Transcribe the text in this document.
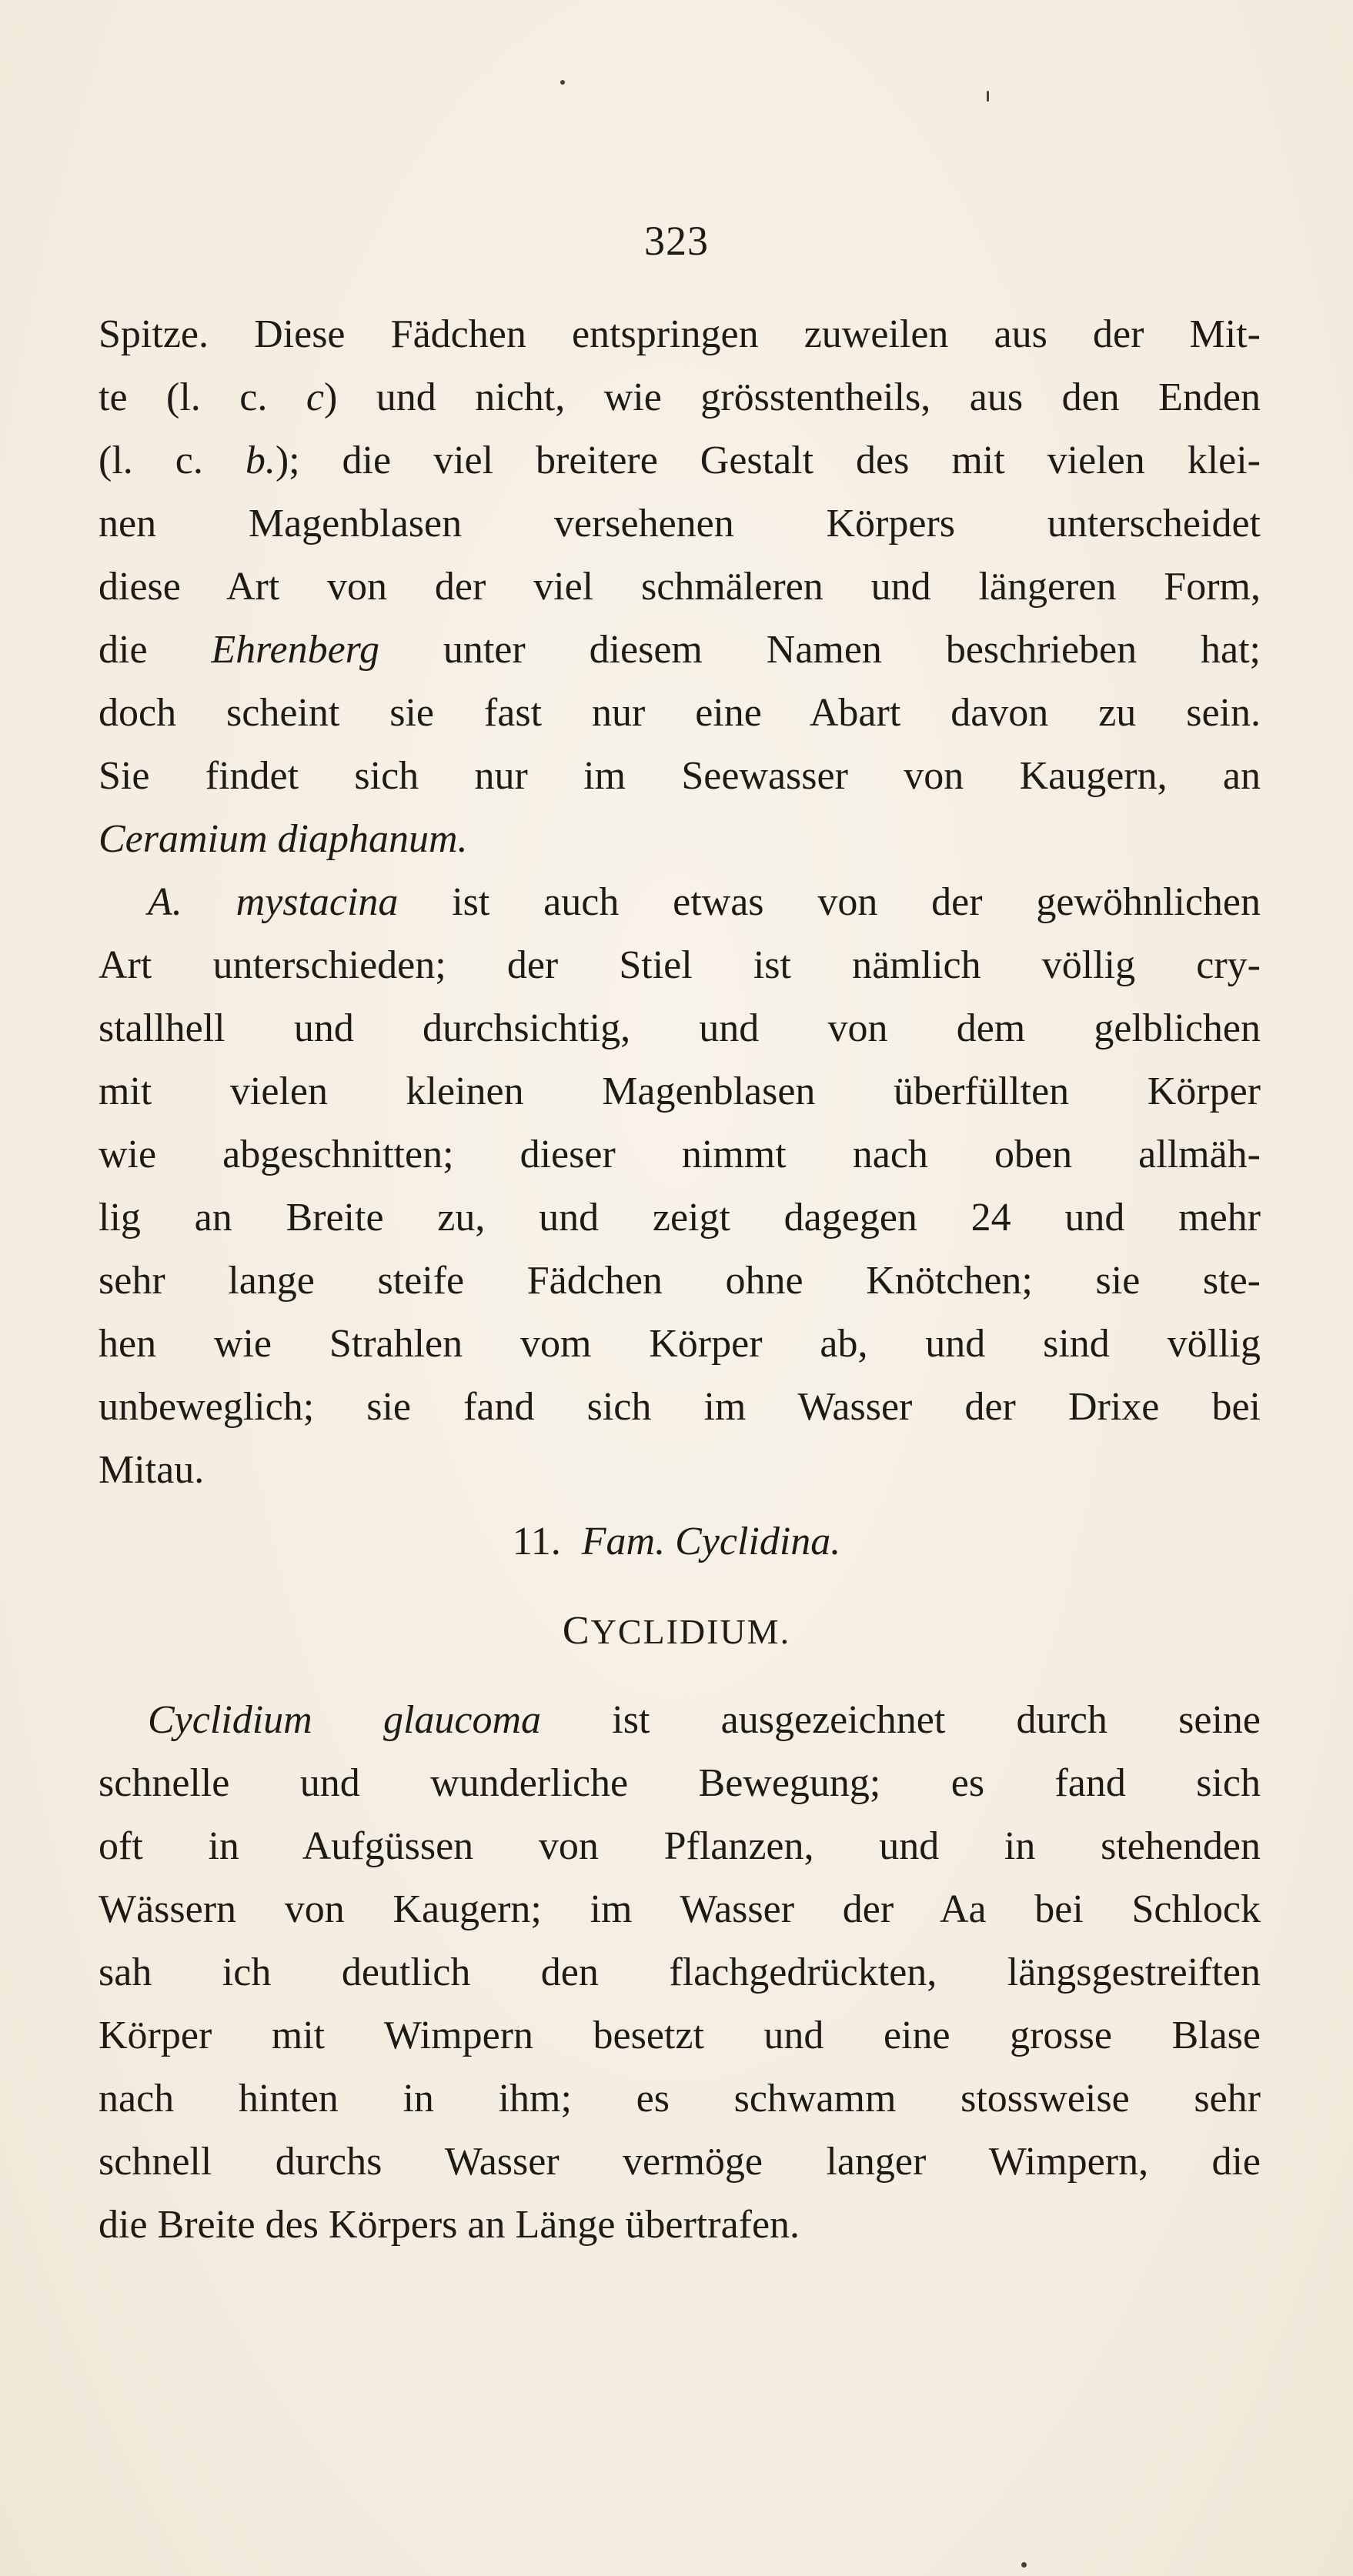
323
Spitze. Diese Fädchen entspringen zuweilen aus der Mit-
te (l. c. c) und nicht, wie grösstentheils, aus den Enden
(l. c. b.); die viel breitere Gestalt des mit vielen klei-
nen Magenblasen versehenen Körpers unterscheidet
diese Art von der viel schmäleren und längeren Form,
die Ehrenberg unter diesem Namen beschrieben hat;
doch scheint sie fast nur eine Abart davon zu sein.
Sie findet sich nur im Seewasser von Kaugern, an
Ceramium diaphanum.
A. mystacina ist auch etwas von der gewöhnlichen
Art unterschieden; der Stiel ist nämlich völlig cry-
stallhell und durchsichtig, und von dem gelblichen
mit vielen kleinen Magenblasen überfüllten Körper
wie abgeschnitten; dieser nimmt nach oben allmäh-
lig an Breite zu, und zeigt dagegen 24 und mehr
sehr lange steife Fädchen ohne Knötchen; sie ste-
hen wie Strahlen vom Körper ab, und sind völlig
unbeweglich; sie fand sich im Wasser der Drixe bei
Mitau.
11. Fam. Cyclidina.
CYCLIDIUM.
Cyclidium glaucoma ist ausgezeichnet durch seine
schnelle und wunderliche Bewegung; es fand sich
oft in Aufgüssen von Pflanzen, und in stehenden
Wässern von Kaugern; im Wasser der Aa bei Schlock
sah ich deutlich den flachgedrückten, längsgestreiften
Körper mit Wimpern besetzt und eine grosse Blase
nach hinten in ihm; es schwamm stossweise sehr
schnell durchs Wasser vermöge langer Wimpern, die
die Breite des Körpers an Länge übertrafen.
